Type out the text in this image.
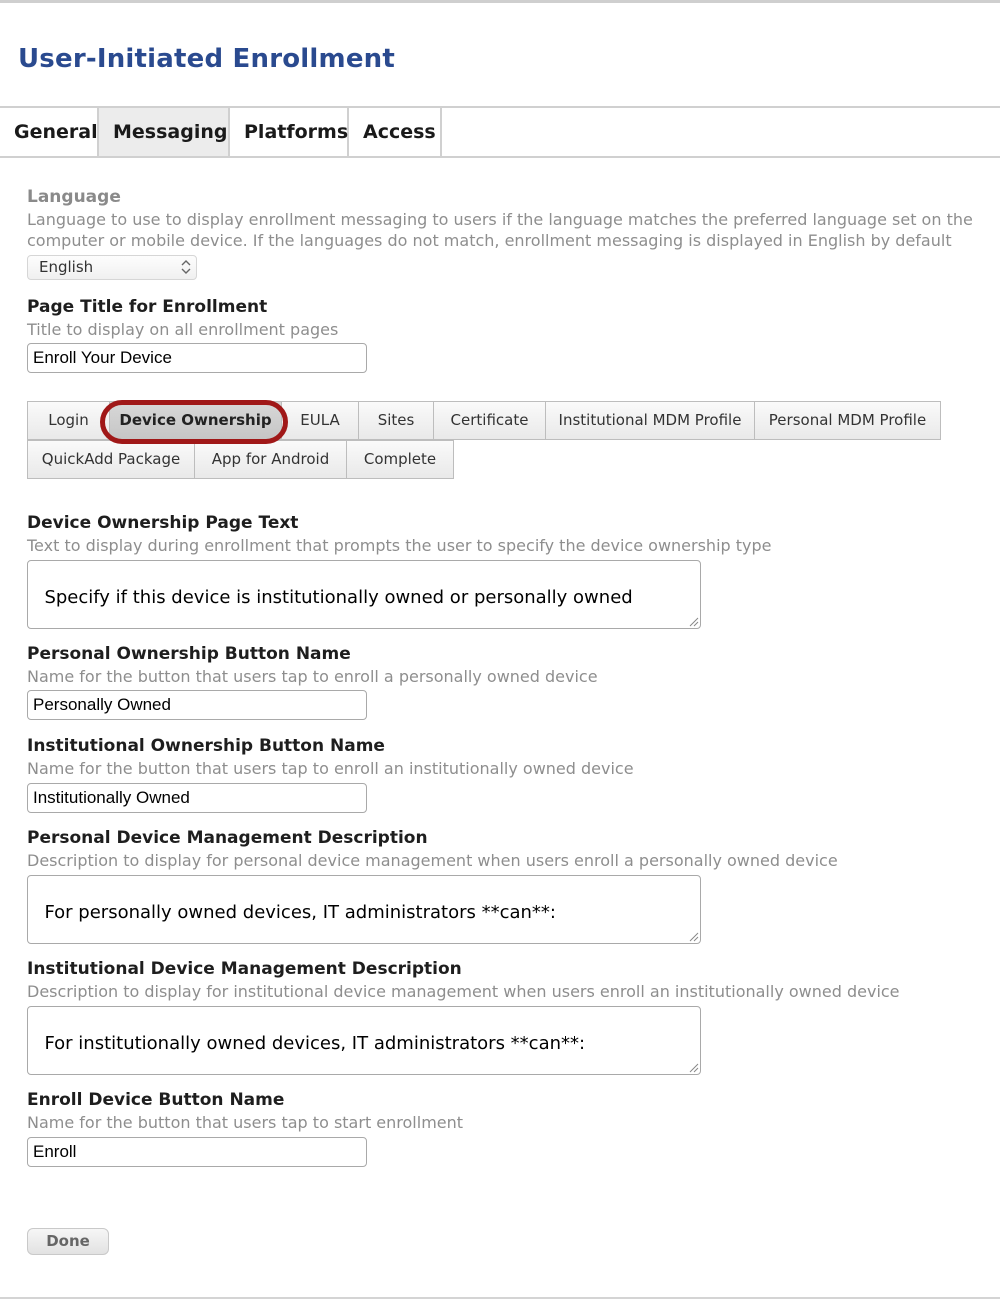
User-Initiated Enrollment
General Messaging Platforms Access
Language
Language to use to display enrollment messaging to users if the language matches the preferred language set on the computer or mobile device. If the languages do not match, enrollment messaging is displayed in English by default
English
Page Title for Enrollment
Title to display on all enrollment pages
Enroll Your Device
Login	Device Ownership	EULA	Sites	Certificate	Institutional MDM Profile	Personal MDM Profile
QuickAdd Package	App for Android	Complete
Device Ownership Page Text
Text to display during enrollment that prompts the user to specify the device ownership type

Specify if this device is institutionally owned or personally owned

Personal Ownership Button Name
Name for the button that users tap to enroll a personally owned device
Personally Owned
Institutional Ownership Button Name
Name for the button that users tap to enroll an institutionally owned device
Institutionally Owned
Personal Device Management Description
Description to display for personal device management when users enroll a personally owned device

For personally owned devices, IT administrators **can**:

Institutional Device Management Description
Description to display for institutional device management when users enroll an institutionally owned device

For institutionally owned devices, IT administrators **can**:

Enroll Device Button Name
Name for the button that users tap to start enrollment
Enroll
Done
